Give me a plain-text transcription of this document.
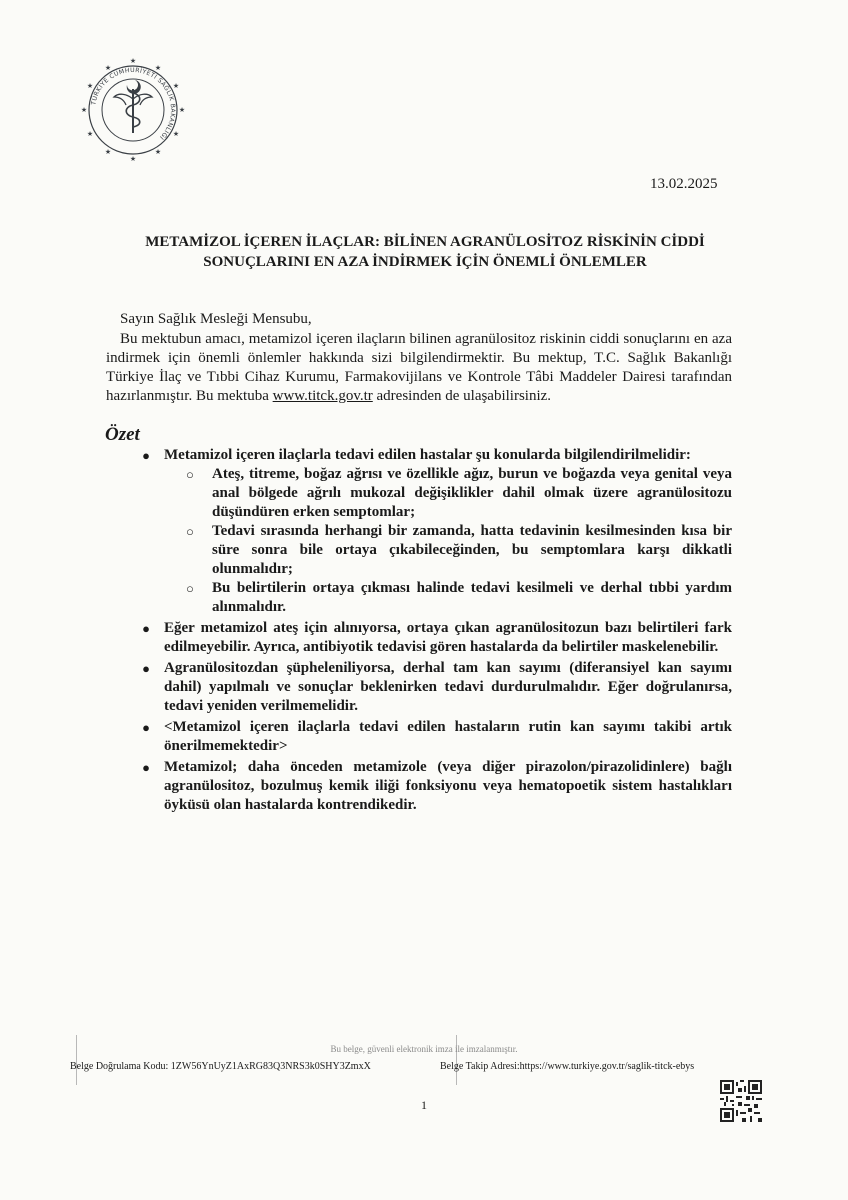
★
★
★
★
★
★
★
★
★
★
★
★
TÜRKİYE CUMHURİYETİ SAĞLIK BAKANLIĞI
13.02.2025
METAMİZOL İÇEREN İLAÇLAR: BİLİNEN AGRANÜLOSİTOZ RİSKİNİN CİDDİ
SONUÇLARINI EN AZA İNDİRMEK İÇİN ÖNEMLİ ÖNLEMLER
Sayın Sağlık Mesleği Mensubu,
Bu mektubun amacı, metamizol içeren ilaçların bilinen agranülositoz riskinin ciddi sonuçlarını en aza indirmek için önemli önlemler hakkında sizi bilgilendirmektir. Bu mektup, T.C. Sağlık Bakanlığı Türkiye İlaç ve Tıbbi Cihaz Kurumu, Farmakovijilans ve Kontrole Tâbi Maddeler Dairesi tarafından hazırlanmıştır. Bu mektuba www.titck.gov.tr adresinden de ulaşabilirsiniz.
Özet
● Metamizol içeren ilaçlarla tedavi edilen hastalar şu konularda bilgilendirilmelidir:
○ Ateş, titreme, boğaz ağrısı ve özellikle ağız, burun ve boğazda veya genital veya anal bölgede ağrılı mukozal değişiklikler dahil olmak üzere agranülositozu düşündüren erken semptomlar;
○ Tedavi sırasında herhangi bir zamanda, hatta tedavinin kesilmesinden kısa bir süre sonra bile ortaya çıkabileceğinden, bu semptomlara karşı dikkatli olunmalıdır;
○ Bu belirtilerin ortaya çıkması halinde tedavi kesilmeli ve derhal tıbbi yardım alınmalıdır.
● Eğer metamizol ateş için alınıyorsa, ortaya çıkan agranülositozun bazı belirtileri fark edilmeyebilir. Ayrıca, antibiyotik tedavisi gören hastalarda da belirtiler maskelenebilir.
● Agranülositozdan şüpheleniliyorsa, derhal tam kan sayımı (diferansiyel kan sayımı dahil) yapılmalı ve sonuçlar beklenirken tedavi durdurulmalıdır. Eğer doğrulanırsa, tedavi yeniden verilmemelidir.
● <Metamizol içeren ilaçlarla tedavi edilen hastaların rutin kan sayımı takibi artık önerilmemektedir>
● Metamizol; daha önceden metamizole (veya diğer pirazolon/pirazolidinlere) bağlı agranülositoz, bozulmuş kemik iliği fonksiyonu veya hematopoetik sistem hastalıkları öyküsü olan hastalarda kontrendikedir.
Bu belge, güvenli elektronik imza ile imzalanmıştır.
Belge Doğrulama Kodu: 1ZW56YnUyZ1AxRG83Q3NRS3k0SHY3ZmxX	Belge Takip Adresi:https://www.turkiye.gov.tr/saglik-titck-ebys
1
